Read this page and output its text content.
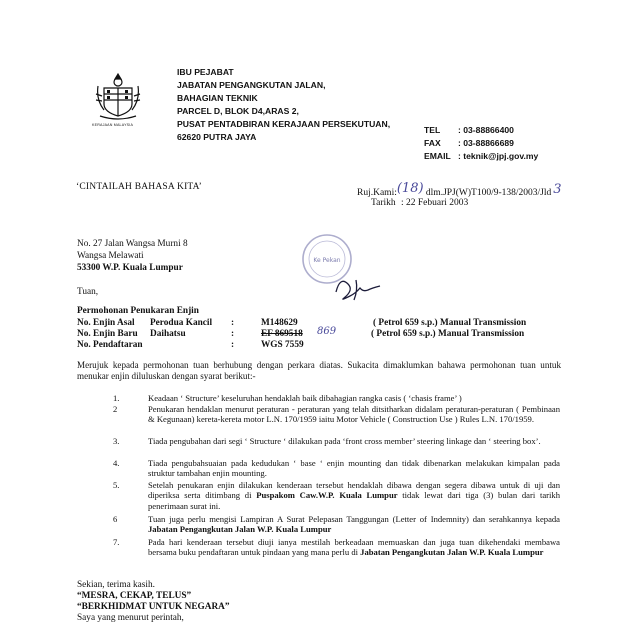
KERAJAAN MALAYSIA
IBU PEJABAT
JABATAN PENGANGKUTAN JALAN,
BAHAGIAN TEKNIK
PARCEL D, BLOK D4,ARAS 2,
PUSAT PENTADBIRAN KERAJAAN PERSEKUTUAN,
62620 PUTRA JAYA
TEL : 03-88866400
FAX : 03-88866689
EMAIL : teknik@jpj.gov.my
‘CINTAILAH BAHASA KITA’
Ruj.Kami:(18) dlm.JPJ(W)T100/9-138/2003/Jld 3
Tarikh : 22 Febuari 2003
No. 27 Jalan Wangsa Murni 8
Wangsa Melawati
53300 W.P. Kuala Lumpur
Ke Pekan
Tuan,
Permohonan Penukaran Enjin
No. Enjin Asal Perodua Kancil :	M148629	( Petrol 659 s.p.) Manual Transmission
No. Enjin Baru Daihatsu	:	EF 869518 869	( Petrol 659 s.p.) Manual Transmission
No. Pendaftaran	:	WGS 7559
Merujuk kepada permohonan tuan berhubung dengan perkara diatas. Sukacita dimaklumkan bahawa permohonan tuan untuk menukar enjin diluluskan dengan syarat berikut:-
1.	Keadaan ‘ Structure’ keseluruhan hendaklah baik dibahagian rangka casis ( ‘chasis frame’ )
2	Penukaran hendaklan menurut peraturan - peraturan yang telah ditsitharkan didalam peraturan-peraturan ( Pembinaan & Kegunaan) kereta-kereta motor L.N. 170/1959 iaitu Motor Vehicle ( Construction Use ) Rules L.N. 170/1959.
3.	Tiada pengubahan dari segi ‘ Structure ‘ dilakukan pada ‘front cross member’ steering linkage dan ‘ steering box’.
4.	Tiada pengubahsuaian pada kedudukan ‘ base ‘ enjin mounting dan tidak dibenarkan melakukan kimpalan pada struktur tambahan enjin mounting.
5.	Setelah penukaran enjin dilakukan kenderaan tersebut hendaklah dibawa dengan segera dibawa untuk di uji dan diperiksa serta ditimbang di Puspakom Caw.W.P. Kuala Lumpur tidak lewat dari tiga (3) bulan dari tarikh penerimaan surat ini.
6	Tuan juga perlu mengisi Lampiran A Surat Pelepasan Tanggungan (Letter of Indemnity) dan serahkannya kepada Jabatan Pengangkutan Jalan W.P. Kuala Lumpur
7.	Pada hari kenderaan tersebut diuji ianya mestilah berkeadaan memuaskan dan juga tuan dikehendaki membawa bersama buku pendaftaran untuk pindaan yang mana perlu di Jabatan Pengangkutan Jalan W.P. Kuala Lumpur
Sekian, terima kasih.
“MESRA, CEKAP, TELUS”
“BERKHIDMAT UNTUK NEGARA”
Saya yang menurut perintah,
